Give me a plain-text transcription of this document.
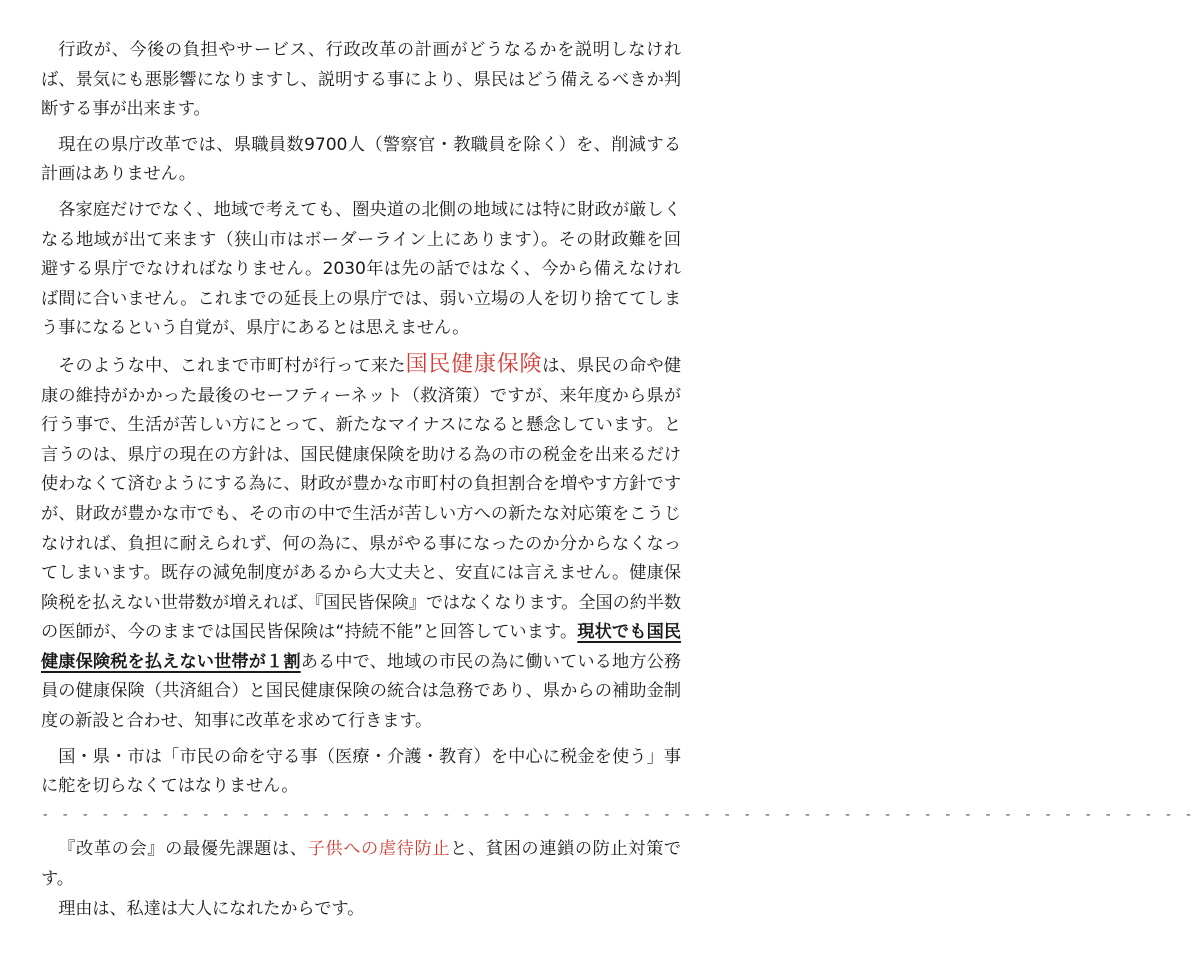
行政が、今後の負担やサービス、行政改革の計画がどうなるかを説明しなければ、景気にも悪影響になりますし、説明する事により、県民はどう備えるべきか判断する事が出来ます。

現在の県庁改革では、県職員数9700人（警察官・教職員を除く）を、削減する計画はありません。

各家庭だけでなく、地域で考えても、圏央道の北側の地域には特に財政が厳しくなる地域が出て来ます（狭山市はボーダーライン上にあります）。その財政難を回避する県庁でなければなりません。2030年は先の話ではなく、今から備えなければ間に合いません。これまでの延長上の県庁では、弱い立場の人を切り捨ててしまう事になるという自覚が、県庁にあるとは思えません。

そのような中、これまで市町村が行って来た国民健康保険は、県民の命や健康の維持がかかった最後のセーフティーネット（救済策）ですが、来年度から県が行う事で、生活が苦しい方にとって、新たなマイナスになると懸念しています。と言うのは、県庁の現在の方針は、国民健康保険を助ける為の市の税金を出来るだけ使わなくて済むようにする為に、財政が豊かな市町村の負担割合を増やす方針ですが、財政が豊かな市でも、その市の中で生活が苦しい方への新たな対応策をこうじなければ、負担に耐えられず、何の為に、県がやる事になったのか分からなくなってしまいます。既存の減免制度があるから大丈夫と、安直には言えません。健康保険税を払えない世帯数が増えれば、『国民皆保険』ではなくなります。全国の約半数の医師が、今のままでは国民皆保険は“持続不能”と回答しています。現状でも国民健康保険税を払えない世帯が１割ある中で、地域の市民の為に働いている地方公務員の健康保険（共済組合）と国民健康保険の統合は急務であり、県からの補助金制度の新設と合わせ、知事に改革を求めて行きます。

国・県・市は「市民の命を守る事（医療・介護・教育）を中心に税金を使う」事に舵を切らなくてはなりません。

- - - - - - - - - - - - - - - - - - - - - - - - - - - - - - - - - - - - - - - - - - - - - - - - - - - - - - - - - -

『改革の会』の最優先課題は、子供への虐待防止と、貧困の連鎖の防止対策です。

理由は、私達は大人になれたからです。
